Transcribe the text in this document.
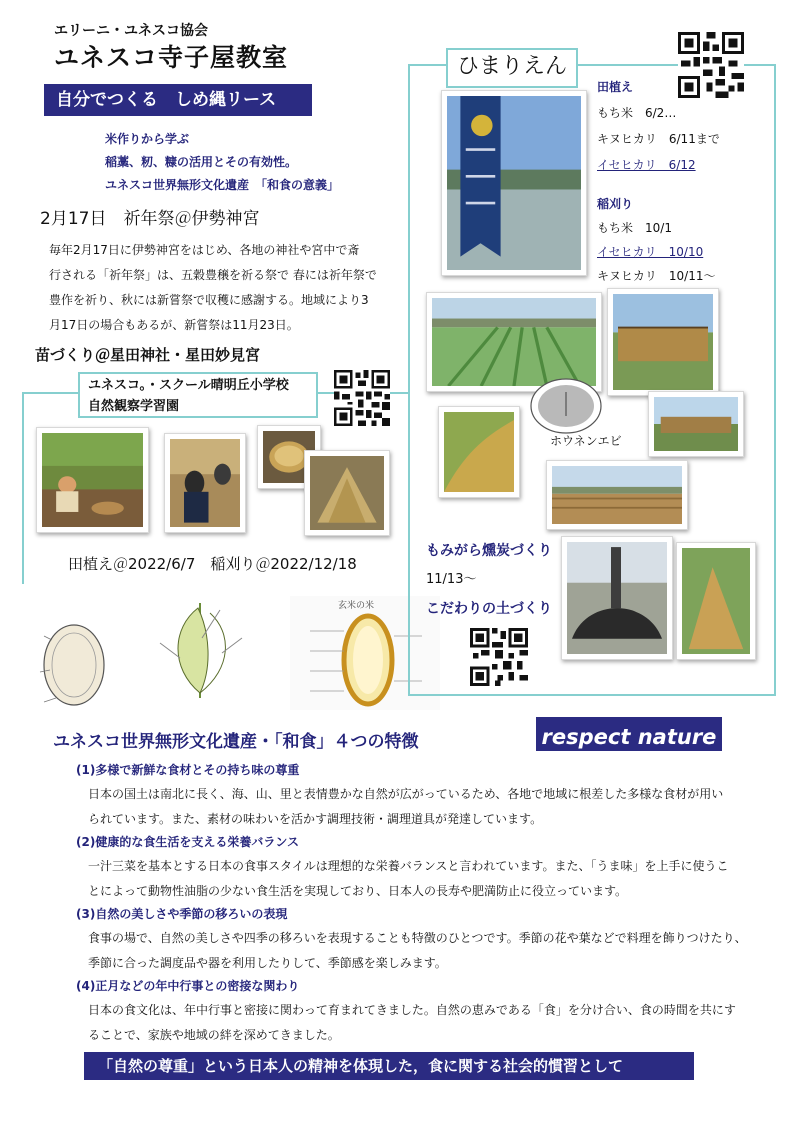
エリーニ・ユネスコ協会
ユネスコ寺子屋教室
自分でつくる　しめ縄リース
米作りから学ぶ
稲藁、籾、糠の活用とその有効性。
ユネスコ世界無形文化遺産　「和食の意義」
2月17日　祈年祭＠伊勢神宮
毎年2月17日に伊勢神宮をはじめ、各地の神社や宮中で斎
行される「祈年祭」は、五穀豊穣を祈る祭で 春には祈年祭で
豊作を祈り、秋には新嘗祭で収穫に感謝する。地域により3
月17日の場合もあるが、新嘗祭は11月23日。
苗づくり＠星田神社・星田妙見宮
ユネスコ。・スクール晴明丘小学校
自然観察学習園
田植え＠2022/6/7　稲刈り＠2022/12/18
玄米の米
ひまりえん
田植え
もち米　6/2…
キヌヒカリ　6/11まで
イセヒカリ　6/12
稲刈り
もち米　10/1
イセヒカリ　10/10
キヌヒカリ　10/11～
ホウネンエビ
もみがら燻炭づくり
11/13～
こだわりの土づくり
ユネスコ世界無形文化遺産・「和食」４つの特徴	respect nature
(1)多様で新鮮な食材とその持ち味の尊重
日本の国土は南北に長く、海、山、里と表情豊かな自然が広がっているため、各地で地域に根差した多様な食材が用い
られています。また、素材の味わいを活かす調理技術・調理道具が発達しています。
(2)健康的な食生活を支える栄養バランス
一汁三菜を基本とする日本の食事スタイルは理想的な栄養バランスと言われています。また、「うま味」を上手に使うこ
とによって動物性油脂の少ない食生活を実現しており、日本人の長寿や肥満防止に役立っています。
(3)自然の美しさや季節の移ろいの表現
食事の場で、自然の美しさや四季の移ろいを表現することも特徴のひとつです。季節の花や葉などで料理を飾りつけたり、
季節に合った調度品や器を利用したりして、季節感を楽しみます。
(4)正月などの年中行事との密接な関わり
日本の食文化は、年中行事と密接に関わって育まれてきました。自然の恵みである「食」を分け合い、食の時間を共にす
ることで、家族や地域の絆を深めてきました。
「自然の尊重」という日本人の精神を体現した，食に関する社会的慣習として
